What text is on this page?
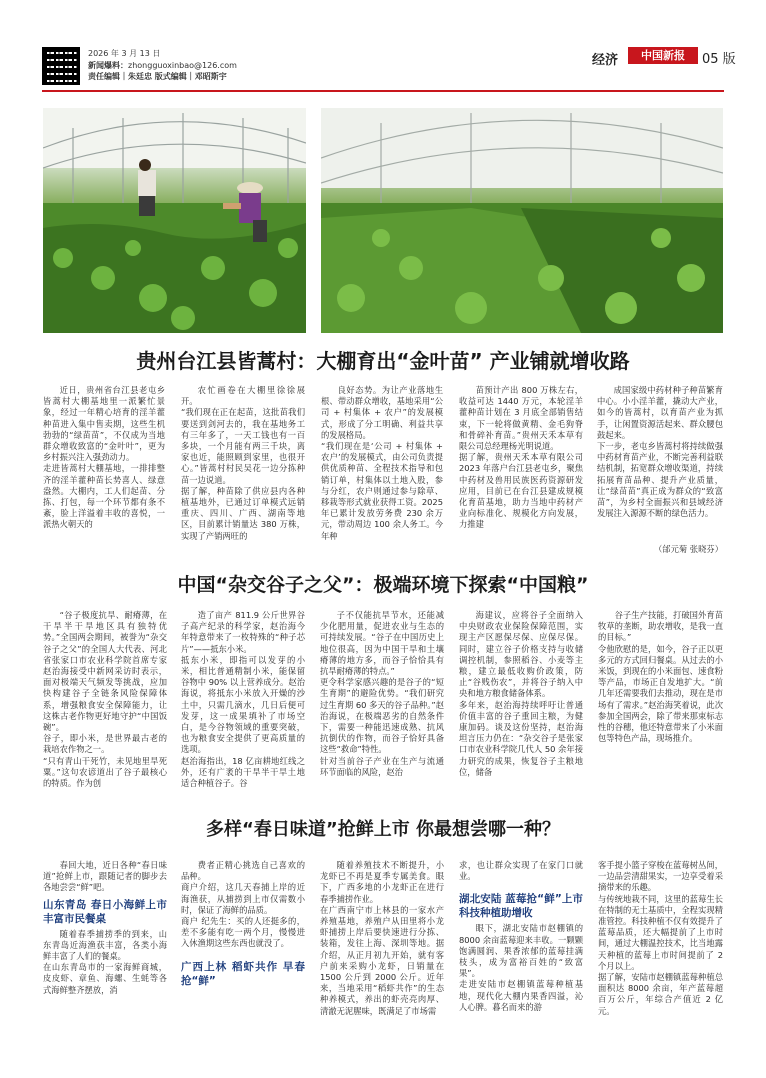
2026 年 3 月 13 日
新闻爆料：zhongguoxinbao@126.com
责任编辑｜朱廷忠 版式编辑｜邓昭斯宇
经济	中国新报	05 版
贵州台江县皆蒿村：大棚育出“金叶苗” 产业铺就增收路

近日，贵州省台江县老屯乡皆蒿村大棚基地里一派繁忙景象，经过一年精心培育的淫羊藿种苗进入集中售卖期，这些生机勃勃的“绿苗苗”，不仅成为当地群众增收致富的“金叶叶”，更为乡村振兴注入强劲动力。
走进皆蒿村大棚基地，一排排整齐的淫羊藿种苗长势喜人、绿意盎然。大棚内，工人们起苗、分拣、打包，每一个环节都有条不紊，脸上洋溢着丰收的喜悦，一派热火朝天的

农忙画卷在大棚里徐徐展开。
“我们现在正在起苗，这批苗我们要送到剑河去的，我在基地务工有三年多了，一天工钱也有一百多块，一个月能有两三千块，离家也近，能照顾到家里，也很开心。”皆蒿村村民吴花一边分拣种苗一边说道。
据了解，种苗除了供应县内各种植基地外，已通过订单模式远销重庆、四川、广西、湖南等地区，目前累计销量达 380 万株，实现了产销两旺的

良好态势。为让产业落地生根、带动群众增收，基地采用“公司 + 村集体 + 农户”的发展模式，形成了分工明确、利益共享的发展格局。
“我们现在是‘公司 + 村集体 + 农户’的发展模式，由公司负责提供优质种苗、全程技术指导和包销订单，村集体以土地入股，参与分红，农户则通过参与除草、移栽等形式就业获得工资。2025 年已累计发放劳务费 230 余万元，带动周边 100 余人务工。今年种

苗预计产出 800 万株左右，收益可达 1440 万元，本轮淫羊藿种苗计划在 3 月底全部销售结束，下一轮将做黄精、金毛狗脊和骨碎补育苗。”贵州天禾本草有限公司总经理杨光明说道。
据了解，贵州天禾本草有限公司 2023 年落户台江县老屯乡，聚焦中药材及兽用民族医药资源研发应用，目前已在台江县建成规模化育苗基地，助力当地中药材产业向标准化、规模化方向发展，力推建

成国家级中药材种子种苗繁育中心。小小淫羊藿，撬动大产业，如今的皆蒿村，以育苗产业为抓手，让闲置资源活起来、群众腰包鼓起来。
下一步，老屯乡皆蒿村将持续做强中药材育苗产业，不断完善利益联结机制，拓宽群众增收渠道，持续拓展育苗品种、提升产业质量，让“绿苗苗”真正成为群众的“致富苗”，为乡村全面振兴和县域经济发展注入源源不断的绿色活力。

（邰元菊 张晓芬）
中国“杂交谷子之父”：极端环境下探索“中国粮”

“谷子极度抗旱、耐瘠薄，在干旱半干旱地区具有独特优势。”全国两会期间，被誉为“杂交谷子之父”的全国人大代表、河北省张家口市农业科学院首席专家赵治海接受中新网采访时表示，面对极端天气频发等挑战，应加快构建谷子全链条风险保障体系，增强粮食安全保障能力，让这株古老作物更好地守护“中国饭碗”。
谷子，即小米，是世界最古老的栽培农作物之一。
“只有青山干死竹，未见地里旱死粟。”这句农谚道出了谷子最核心的特质。作为创

造了亩产 811.9 公斤世界谷子高产纪录的科学家，赵治海今年特意带来了一枚特殊的“种子芯片”——抵东小米。
抵东小米，即指可以发芽的小米，相比普通精制小米，能保留谷物中 90% 以上营养成分。赵治海说，将抵东小米放入开燥的沙土中，只需几滴水，几日后便可发芽，这一成果填补了市场空白，是今谷物领域的重要突破，也为粮食安全提供了更高质量的选项。
赵治海指出，18 亿亩耕地红线之外，还有广袤的干旱半干旱土地适合种植谷子。谷

子不仅能抗旱节水，还能减少化肥用量，促进农业与生态的可持续发展。“谷子在中国历史上地位很高，因为中国干旱和土壤瘠薄的地方多，而谷子恰恰具有抗旱耐瘠薄的特点。”
更令科学家感兴趣的是谷子的“短生育期”的避险优势。“我们研究过生育期 60 多天的谷子品种。”赵治海说，在极端恶劣的自然条件下，需要一种能迅速成熟、抗风抗倒伏的作物，而谷子恰好具备这些“救命”特性。
针对当前谷子产业在生产与流通环节面临的风险，赵治

海建议，应将谷子全面纳入中央财政农业保险保障范围，实现主产区愿保尽保、应保尽保。同时，建立谷子价格支持与收储调控机制，参照稻谷、小麦等主粮，建立最低收购价政策，防止“谷贱伤农”，并将谷子纳入中央和地方粮食储备体系。
多年来，赵治海持续呼吁让普通价值丰富的谷子重回主粮，为健康加码。谈及这份坚持，赵治海坦言压力仍在：“杂交谷子是张家口市农业科学院几代人 50 余年接力研究的成果，恢复谷子主粮地位，储备

谷子生产技能，打破国外育苗牧草的垄断，助农增收，是我一直的目标。”
令他欣慰的是，如今，谷子正以更多元的方式回归餐桌。从过去的小米饭，到现在的小米面包、速食粉等产品，市场正自发地扩大。“前几年还需要我们去推动，现在是市场有了需求。”赵治海笑着说，此次参加全国两会，除了带来那束标志性的谷穗，他还特意带来了小米面包等特色产品，现场推介。

多样“春日味道”抢鲜上市 你最想尝哪一种？

春回大地，近日各种“春日味道”抢鲜上市，跟随记者的脚步去各地尝尝“鲜”吧。

山东青岛 春日小海鲜上市 丰富市民餐桌

随着春季捕捞季的到来，山东青岛近海渔获丰富，各类小海鲜丰富了人们的餐桌。
在山东青岛市的一家海鲜商城，皮皮虾、章鱼、海螺、生蚝等各式海鲜整齐摆放，消

费者正精心挑选自己喜欢的品种。
商户介绍，这几天春捕上岸的近海渔获，从捕捞到上市仅需数小时，保证了海鲜的品质。
商户 纪先生：买的人还挺多的，差不多能有吃一两个月，慢慢进入休渔期这些东西也就没了。

广西上林 稻虾共作 早春抢“鲜”

随着养殖技术不断提升，小龙虾已不再是夏季专属美食。眼下，广西多地的小龙虾正在进行春季捕捞作业。
在广西南宁市上林县的一家水产养殖基地，养殖户从田里将小龙虾捕捞上岸后要快速进行分拣、装箱，发往上海、深圳等地。据介绍，从正月初九开始，就有客户前来采购小龙虾，日销量在 1500 公斤到 2000 公斤。近年来，当地采用“稻虾共作”的生态种养模式，养出的虾壳亮肉厚、清澈无泥腥味，既满足了市场需

求，也让群众实现了在家门口就业。

湖北安陆 蓝莓抢“鲜”上市 科技种植助增收

眼下，湖北安陆市赵棚镇的 8000 余亩蓝莓迎来丰收。一颗颗饱满圆润、果香浓郁的蓝莓挂满枝头，成为富裕百姓的“致富果”。
走进安陆市赵棚镇蓝莓种植基地，现代化大棚内果香四溢，沁人心脾。暮名而来的游

客手提小篮子穿梭在蓝莓树丛间，一边品尝清甜果实，一边享受着采摘带来的乐趣。
与传统地栽不同，这里的蓝莓生长在特制的无土基质中，全程实现精准管控。科技种植不仅有效提升了蓝莓品质，还大幅提前了上市时间，通过大棚温控技术，比当地露天种植的蓝莓上市时间提前了 2 个月以上。
据了解，安陆市赵棚镇蓝莓种植总面积达 8000 余亩，年产蓝莓超百万公斤，年综合产值近 2 亿元。
